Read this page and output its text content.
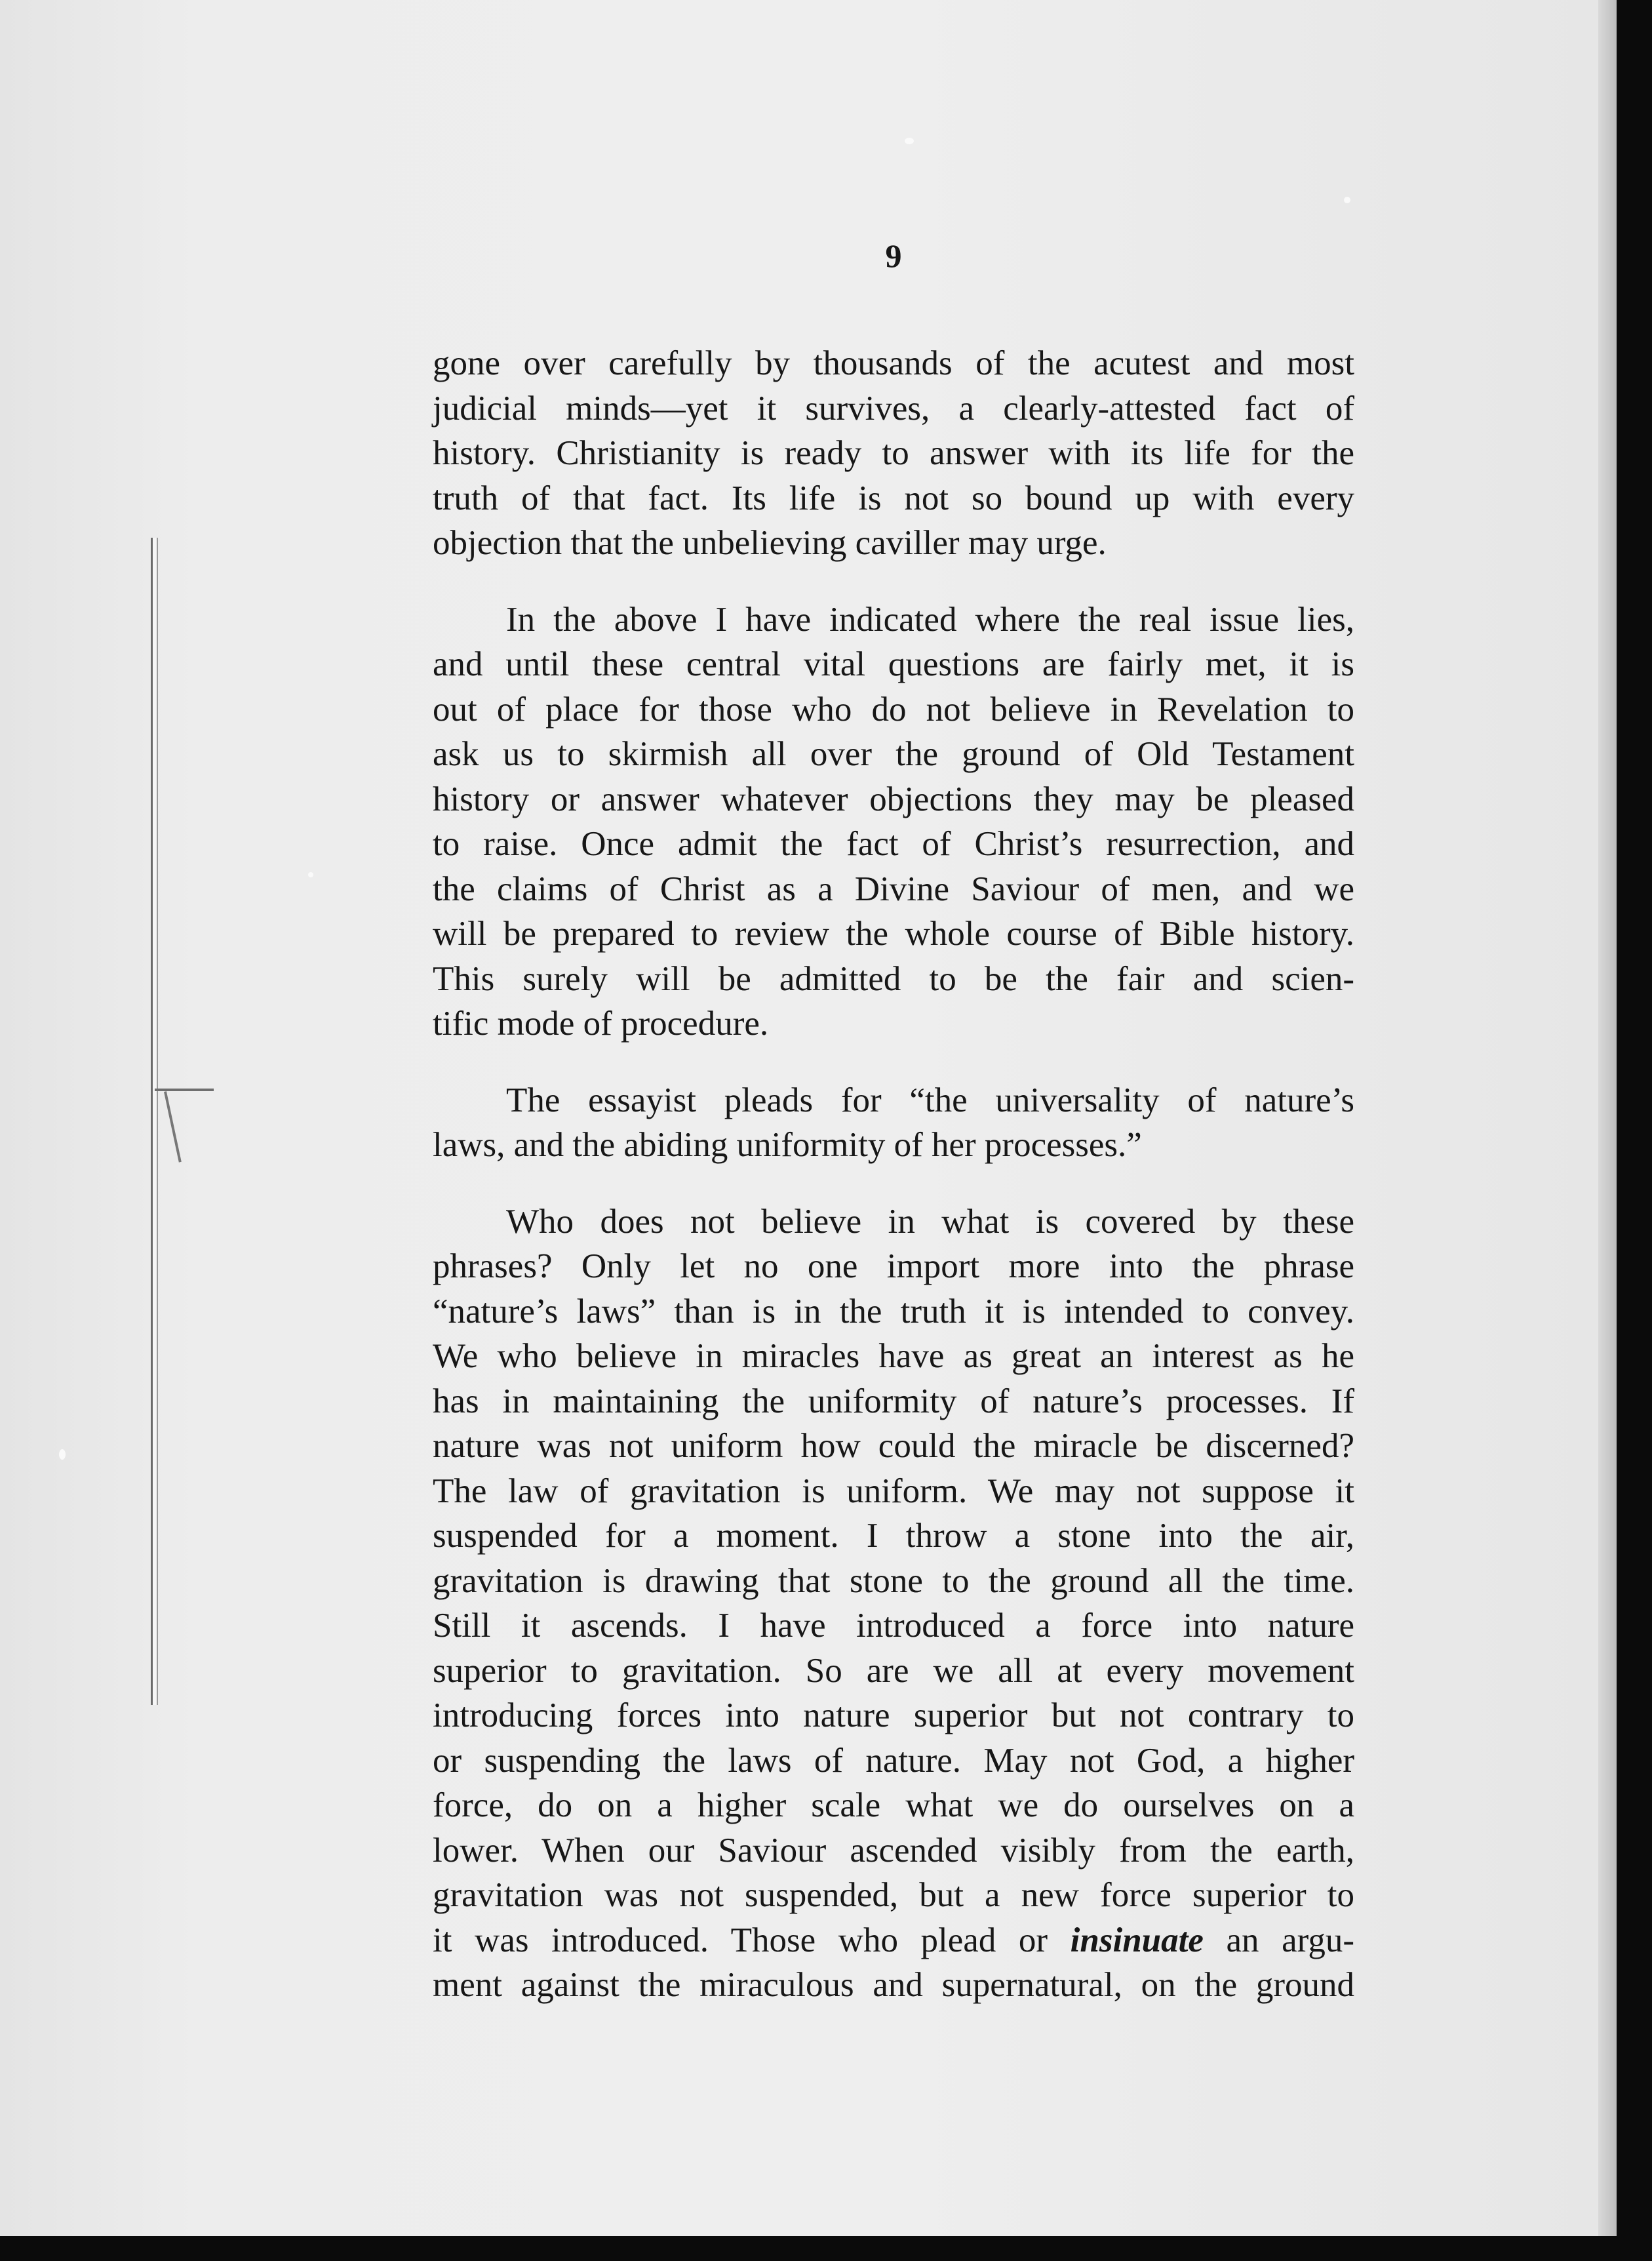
9
gone over carefully by thousands of the acutest and most
judicial minds—yet it survives, a clearly-attested fact of
history. Christianity is ready to answer with its life for the
truth of that fact. Its life is not so bound up with every
objection that the unbelieving caviller may urge.
In the above I have indicated where the real issue lies,
and until these central vital questions are fairly met, it is
out of place for those who do not believe in Revelation to
ask us to skirmish all over the ground of Old Testament
history or answer whatever objections they may be pleased
to raise. Once admit the fact of Christ’s resurrection, and
the claims of Christ as a Divine Saviour of men, and we
will be prepared to review the whole course of Bible history.
This surely will be admitted to be the fair and scien-
tific mode of procedure.
The essayist pleads for “the universality of nature’s
laws, and the abiding uniformity of her processes.”
Who does not believe in what is covered by these
phrases? Only let no one import more into the phrase
“nature’s laws” than is in the truth it is intended to convey.
We who believe in miracles have as great an interest as he
has in maintaining the uniformity of nature’s processes. If
nature was not uniform how could the miracle be discerned?
The law of gravitation is uniform. We may not suppose it
suspended for a moment. I throw a stone into the air,
gravitation is drawing that stone to the ground all the time.
Still it ascends. I have introduced a force into nature
superior to gravitation. So are we all at every movement
introducing forces into nature superior but not contrary to
or suspending the laws of nature. May not God, a higher
force, do on a higher scale what we do ourselves on a
lower. When our Saviour ascended visibly from the earth,
gravitation was not suspended, but a new force superior to
it was introduced. Those who plead or insinuate an argu-
ment against the miraculous and supernatural, on the ground
